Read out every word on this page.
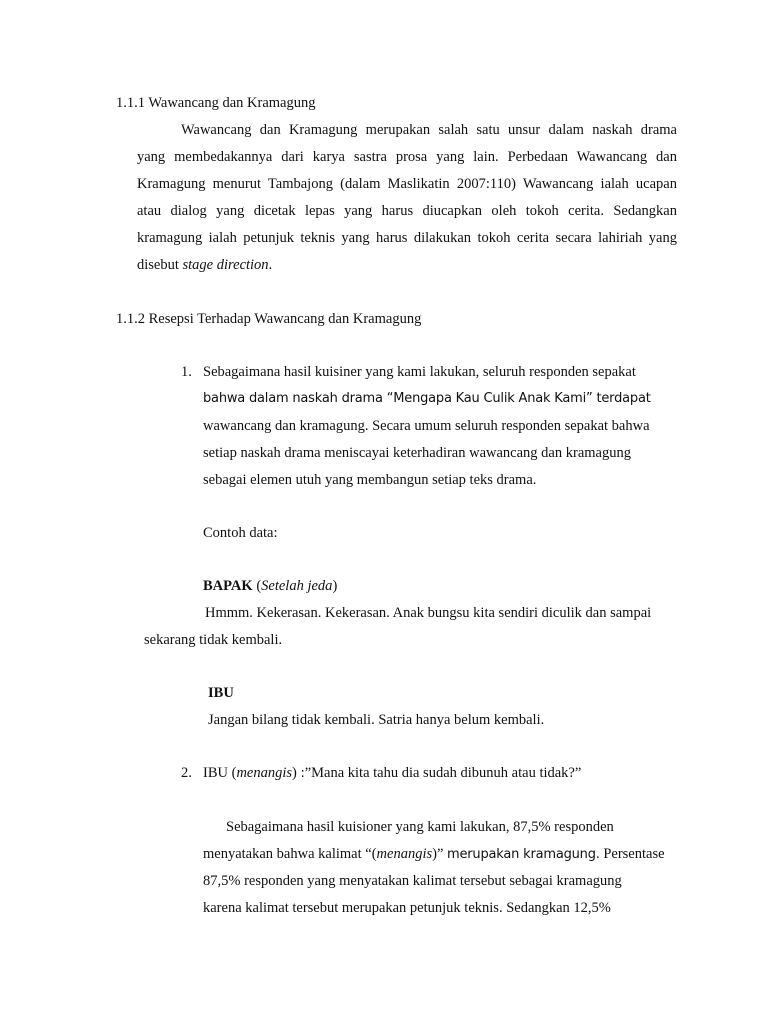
1.1.1 Wawancang dan Kramagung
Wawancang dan Kramagung merupakan salah satu unsur dalam naskah drama
yang membedakannya dari karya sastra prosa yang lain. Perbedaan Wawancang dan
Kramagung menurut Tambajong (dalam Maslikatin 2007:110) Wawancang ialah ucapan
atau dialog yang dicetak lepas yang harus diucapkan oleh tokoh cerita. Sedangkan
kramagung ialah petunjuk teknis yang harus dilakukan tokoh cerita secara lahiriah yang
disebut stage direction.
1.1.2 Resepsi Terhadap Wawancang dan Kramagung
1. Sebagaimana hasil kuisiner yang kami lakukan, seluruh responden sepakat
bahwa dalam naskah drama “Mengapa Kau Culik Anak Kami” terdapat
wawancang dan kramagung. Secara umum seluruh responden sepakat bahwa
setiap naskah drama meniscayai keterhadiran wawancang dan kramagung
sebagai elemen utuh yang membangun setiap teks drama.
Contoh data:
BAPAK (Setelah jeda)
Hmmm. Kekerasan. Kekerasan. Anak bungsu kita sendiri diculik dan sampai
sekarang tidak kembali.
IBU
Jangan bilang tidak kembali. Satria hanya belum kembali.
2. IBU (menangis) :”Mana kita tahu dia sudah dibunuh atau tidak?”
Sebagaimana hasil kuisioner yang kami lakukan, 87,5% responden
menyatakan bahwa kalimat “(menangis)” merupakan kramagung. Persentase
87,5% responden yang menyatakan kalimat tersebut sebagai kramagung
karena kalimat tersebut merupakan petunjuk teknis. Sedangkan 12,5%
